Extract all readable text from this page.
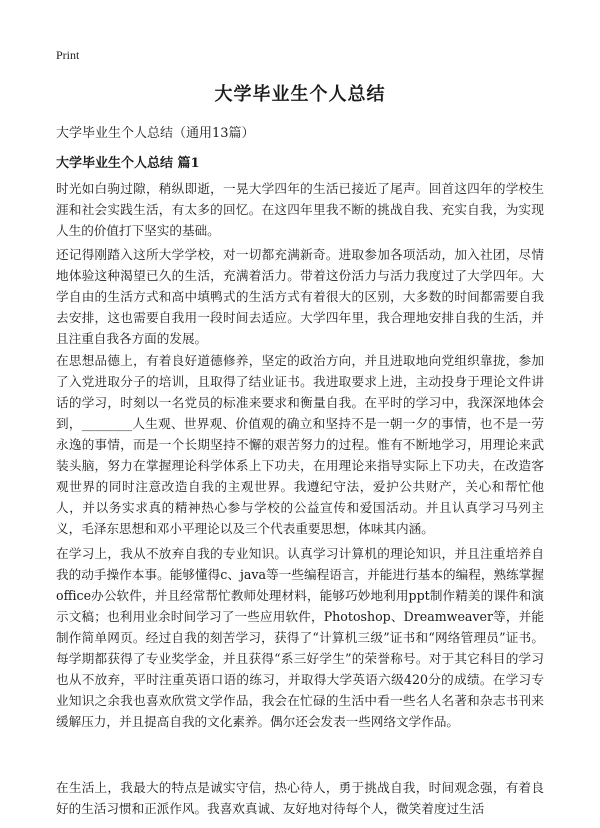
Print
大学毕业生个人总结

大学毕业生个人总结（通用13篇）

大学毕业生个人总结 篇1

时光如白驹过隙，稍纵即逝，一晃大学四年的生活已接近了尾声。回首这四年的学校生涯和社会实践生活，有太多的回忆。在这四年里我不断的挑战自我、充实自我，为实现人生的价值打下坚实的基础。

还记得刚踏入这所大学学校，对一切都充满新奇。进取参加各项活动，加入社团，尽情地体验这种渴望已久的生活，充满着活力。带着这份活力与活力我度过了大学四年。大学自由的生活方式和高中填鸭式的生活方式有着很大的区别，大多数的时间都需要自我去安排，这也需要自我用一段时间去适应。大学四年里，我合理地安排自我的生活，并且注重自我各方面的发展。

在思想品德上，有着良好道德修养，坚定的政治方向，并且进取地向党组织靠拢，参加了入党进取分子的培训，且取得了结业证书。我进取要求上进，主动投身于理论文件讲话的学习，时刻以一名党员的标准来要求和衡量自我。在平时的学习中，我深深地体会到，________人生观、世界观、价值观的确立和坚持不是一朝一夕的事情，也不是一劳永逸的事情，而是一个长期坚持不懈的艰苦努力的过程。惟有不断地学习，用理论来武装头脑，努力在掌握理论科学体系上下功夫，在用理论来指导实际上下功夫，在改造客观世界的同时注意改造自我的主观世界。我遵纪守法，爱护公共财产，关心和帮忙他人，并以务实求真的精神热心参与学校的公益宣传和爱国活动。并且认真学习马列主义，毛泽东思想和邓小平理论以及三个代表重要思想，体味其内涵。

在学习上，我从不放弃自我的专业知识。认真学习计算机的理论知识，并且注重培养自我的动手操作本事。能够懂得c、java等一些编程语言，并能进行基本的编程，熟练掌握office办公软件，并且经常帮忙教师处理材料，能够巧妙地利用ppt制作精美的课件和演示文稿；也利用业余时间学习了一些应用软件，Photoshop、Dreamweaver等，并能制作简单网页。经过自我的刻苦学习，获得了“计算机三级”证书和“网络管理员”证书。每学期都获得了专业奖学金，并且获得“系三好学生”的荣誉称号。对于其它科目的学习也从不放弃，平时注重英语口语的练习，并取得大学英语六级420分的成绩。在学习专业知识之余我也喜欢欣赏文学作品，我会在忙碌的生活中看一些名人名著和杂志书刊来缓解压力，并且提高自我的文化素养。偶尔还会发表一些网络文学作品。

在生活上，我最大的特点是诚实守信，热心待人，勇于挑战自我，时间观念强，有着良好的生活习惯和正派作风。我喜欢真诚、友好地对待每个人，微笑着度过生活
